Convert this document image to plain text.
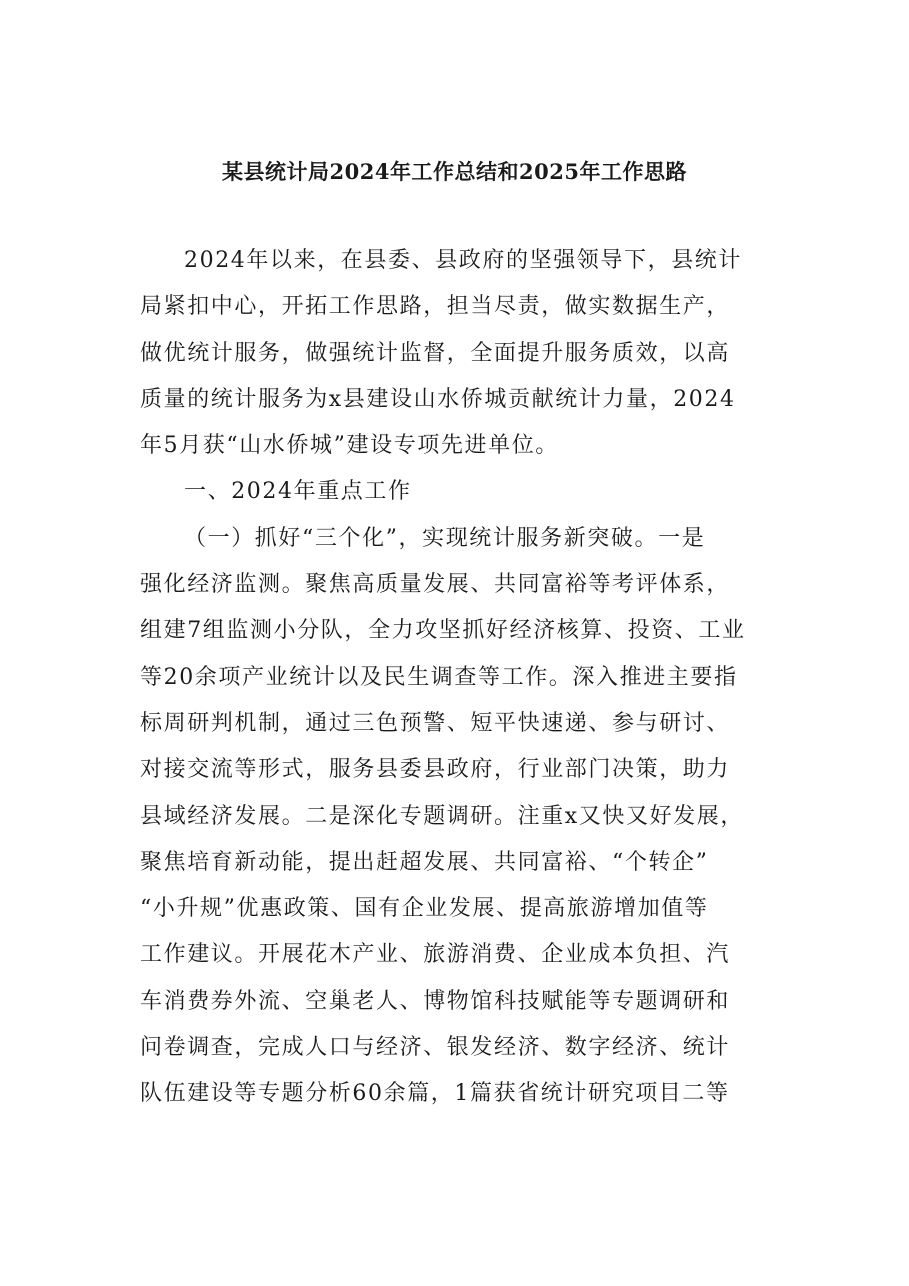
某县统计局2024年工作总结和2025年工作思路
2024年以来，在县委、县政府的坚强领导下，县统计
局紧扣中心，开拓工作思路，担当尽责，做实数据生产，
做优统计服务，做强统计监督，全面提升服务质效，以高
质量的统计服务为x县建设山水侨城贡献统计力量，2024
年5月获“山水侨城”建设专项先进单位。
一、2024年重点工作
（一）抓好“三个化”，实现统计服务新突破。一是
强化经济监测。聚焦高质量发展、共同富裕等考评体系，
组建7组监测小分队，全力攻坚抓好经济核算、投资、工业
等20余项产业统计以及民生调查等工作。深入推进主要指
标周研判机制，通过三色预警、短平快速递、参与研讨、
对接交流等形式，服务县委县政府，行业部门决策，助力
县域经济发展。二是深化专题调研。注重x又快又好发展，
聚焦培育新动能，提出赶超发展、共同富裕、“个转企”
“小升规”优惠政策、国有企业发展、提高旅游增加值等
工作建议。开展花木产业、旅游消费、企业成本负担、汽
车消费券外流、空巢老人、博物馆科技赋能等专题调研和
问卷调查，完成人口与经济、银发经济、数字经济、统计
队伍建设等专题分析60余篇，1篇获省统计研究项目二等
